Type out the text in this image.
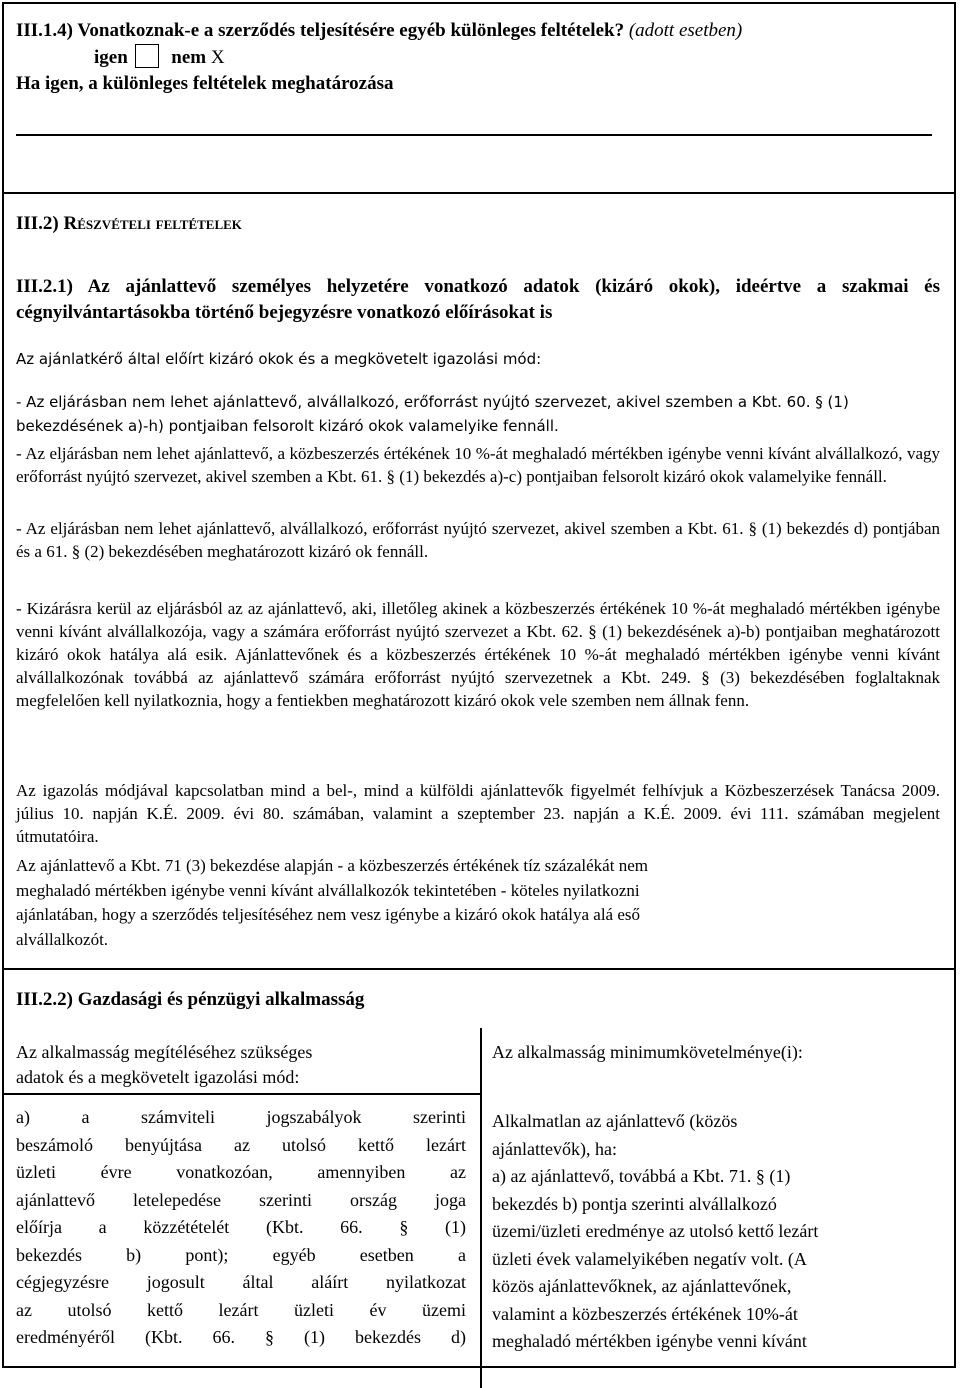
III.1.4) Vonatkoznak-e a szerződés teljesítésére egyéb különleges feltételek? (adott esetben)
igen nem X
Ha igen, a különleges feltételek meghatározása

III.2) Részvételi feltételek

III.2.1) Az ajánlattevő személyes helyzetére vonatkozó adatok (kizáró okok), ideértve a szakmai és cégnyilvántartásokba történő bejegyzésre vonatkozó előírásokat is

Az ajánlatkérő által előírt kizáró okok és a megkövetelt igazolási mód:

- Az eljárásban nem lehet ajánlattevő, alvállalkozó, erőforrást nyújtó szervezet, akivel szemben a Kbt. 60. § (1) bekezdésének a)-h) pontjaiban felsorolt kizáró okok valamelyike fennáll.

- Az eljárásban nem lehet ajánlattevő, a közbeszerzés értékének 10 %-át meghaladó mértékben igénybe venni kívánt alvállalkozó, vagy erőforrást nyújtó szervezet, akivel szemben a Kbt. 61. § (1) bekezdés a)-c) pontjaiban felsorolt kizáró okok valamelyike fennáll.

- Az eljárásban nem lehet ajánlattevő, alvállalkozó, erőforrást nyújtó szervezet, akivel szemben a Kbt. 61. § (1) bekezdés d) pontjában és a 61. § (2) bekezdésében meghatározott kizáró ok fennáll.

- Kizárásra kerül az eljárásból az az ajánlattevő, aki, illetőleg akinek a közbeszerzés értékének 10 %-át meghaladó mértékben igénybe venni kívánt alvállalkozója, vagy a számára erőforrást nyújtó szervezet a Kbt. 62. § (1) bekezdésének a)-b) pontjaiban meghatározott kizáró okok hatálya alá esik. Ajánlattevőnek és a közbeszerzés értékének 10 %-át meghaladó mértékben igénybe venni kívánt alvállalkozónak továbbá az ajánlattevő számára erőforrást nyújtó szervezetnek a Kbt. 249. § (3) bekezdésében foglaltaknak megfelelően kell nyilatkoznia, hogy a fentiekben meghatározott kizáró okok vele szemben nem állnak fenn.

Az igazolás módjával kapcsolatban mind a bel-, mind a külföldi ajánlattevők figyelmét felhívjuk a Közbeszerzések Tanácsa 2009. július 10. napján K.É. 2009. évi 80. számában, valamint a szeptember 23. napján a K.É. 2009. évi 111. számában megjelent útmutatóira.

Az ajánlattevő a Kbt. 71 (3) bekezdése alapján - a közbeszerzés értékének tíz százalékát nem
meghaladó mértékben igénybe venni kívánt alvállalkozók tekintetében - köteles nyilatkozni
ajánlatában, hogy a szerződés teljesítéséhez nem vesz igénybe a kizáró okok hatálya alá eső
alvállalkozót.

III.2.2) Gazdasági és pénzügyi alkalmasság

Az alkalmasság megítéléséhez szükséges
adatok és a megkövetelt igazolási mód:

Az alkalmasság minimumkövetelménye(i):

a) a számviteli jogszabályok szerinti
beszámoló benyújtása az utolsó kettő lezárt
üzleti évre vonatkozóan, amennyiben az
ajánlattevő letelepedése szerinti ország joga
előírja a közzétételét (Kbt. 66. § (1)
bekezdés b) pont); egyéb esetben a
cégjegyzésre jogosult által aláírt nyilatkozat
az utolsó kettő lezárt üzleti év üzemi
eredményéről (Kbt. 66. § (1) bekezdés d)
Alkalmatlan az ajánlattevő (közös
ajánlattevők), ha:
a) az ajánlattevő, továbbá a Kbt. 71. § (1)
bekezdés b) pontja szerinti alvállalkozó
üzemi/üzleti eredménye az utolsó kettő lezárt
üzleti évek valamelyikében negatív volt. (A
közös ajánlattevőknek, az ajánlattevőnek,
valamint a közbeszerzés értékének 10%-át
meghaladó mértékben igénybe venni kívánt
